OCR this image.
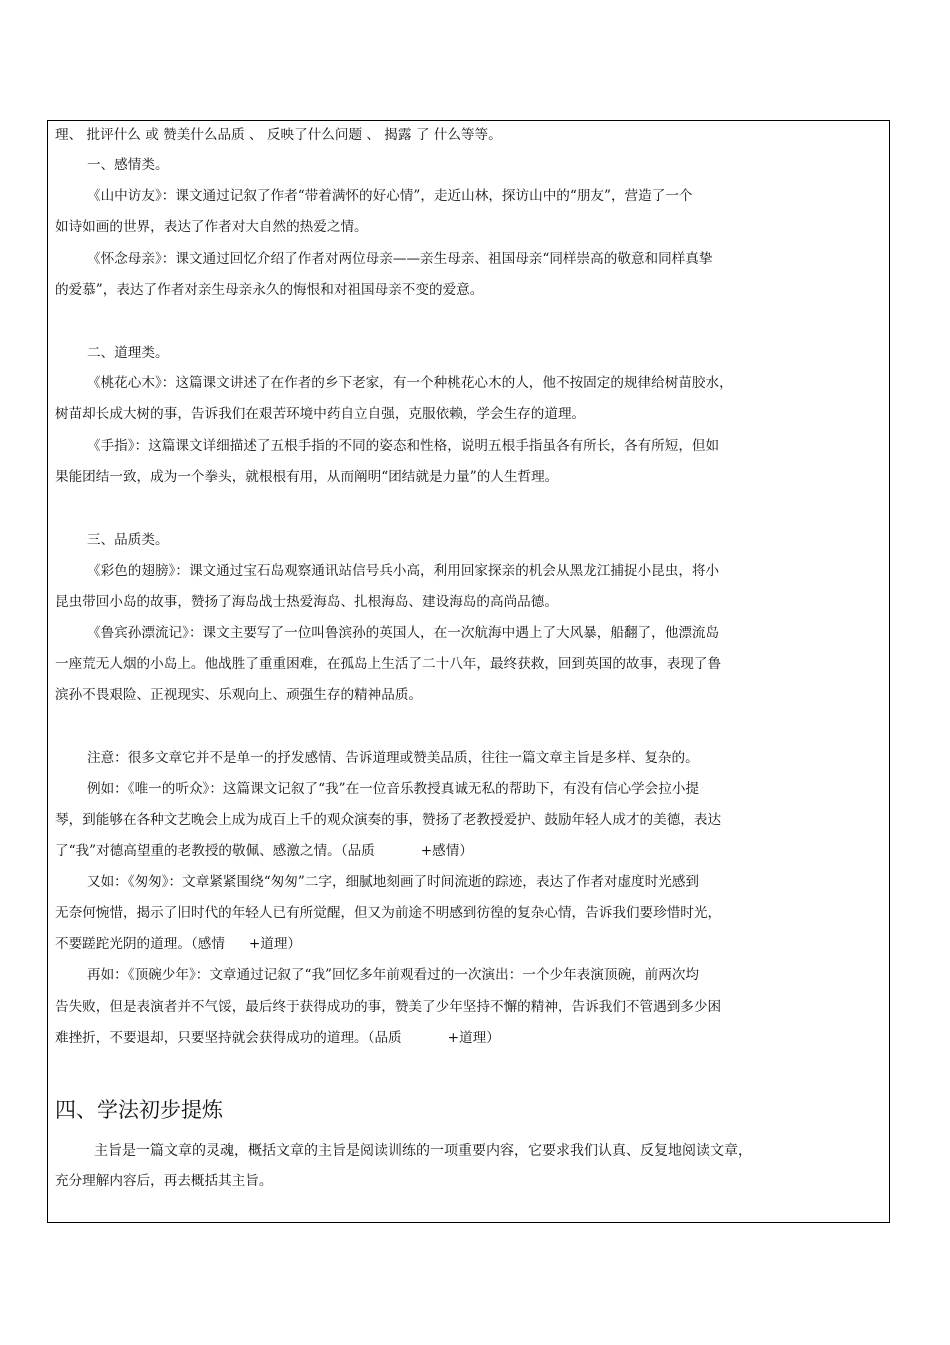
理、 批评什么 或 赞美什么品质 、 反映了什么问题 、 揭露 了 什么等等。
一、感情类。
《山中访友》：课文通过记叙了作者“带着满怀的好心情”，走近山林，探访山中的“朋友”，营造了一个
如诗如画的世界，表达了作者对大自然的热爱之情。
《怀念母亲》：课文通过回忆介绍了作者对两位母亲——亲生母亲、祖国母亲“同样崇高的敬意和同样真挚
的爱慕”，表达了作者对亲生母亲永久的悔恨和对祖国母亲不变的爱意。
二、道理类。
《桃花心木》：这篇课文讲述了在作者的乡下老家，有一个种桃花心木的人，他不按固定的规律给树苗胶水，
树苗却长成大树的事，告诉我们在艰苦环境中药自立自强，克服依赖，学会生存的道理。
《手指》：这篇课文详细描述了五根手指的不同的姿态和性格，说明五根手指虽各有所长，各有所短，但如
果能团结一致，成为一个拳头，就根根有用，从而阐明“团结就是力量”的人生哲理。
三、品质类。
《彩色的翅膀》：课文通过宝石岛观察通讯站信号兵小高，利用回家探亲的机会从黑龙江捕捉小昆虫，将小
昆虫带回小岛的故事，赞扬了海岛战士热爱海岛、扎根海岛、建设海岛的高尚品德。
《鲁宾孙漂流记》：课文主要写了一位叫鲁滨孙的英国人，在一次航海中遇上了大风暴，船翻了，他漂流岛
一座荒无人烟的小岛上。他战胜了重重困难，在孤岛上生活了二十八年，最终获救，回到英国的故事，表现了鲁
滨孙不畏艰险、正视现实、乐观向上、顽强生存的精神品质。
注意：很多文章它并不是单一的抒发感情、告诉道理或赞美品质，往往一篇文章主旨是多样、复杂的。
例如：《唯一的听众》：这篇课文记叙了“我”在一位音乐教授真诚无私的帮助下，有没有信心学会拉小提
琴，到能够在各种文艺晚会上成为成百上千的观众演奏的事，赞扬了老教授爱护、鼓励年轻人成才的美德，表达
了“我”对德高望重的老教授的敬佩、感激之情。（品质	+感情）
又如：《匆匆》：文章紧紧围绕“匆匆”二字，细腻地刻画了时间流逝的踪迹，表达了作者对虚度时光感到
无奈何惋惜，揭示了旧时代的年轻人已有所觉醒，但又为前途不明感到彷徨的复杂心情，告诉我们要珍惜时光，
不要蹉跎光阴的道理。（感情 +道理）
再如：《顶碗少年》：文章通过记叙了“我”回忆多年前观看过的一次演出：一个少年表演顶碗，前两次均
告失败，但是表演者并不气馁，最后终于获得成功的事，赞美了少年坚持不懈的精神，告诉我们不管遇到多少困
难挫折，不要退却，只要坚持就会获得成功的道理。（品质	+道理）
四、学法初步提炼
主旨是一篇文章的灵魂，概括文章的主旨是阅读训练的一项重要内容，它要求我们认真、反复地阅读文章，
充分理解内容后，再去概括其主旨。
